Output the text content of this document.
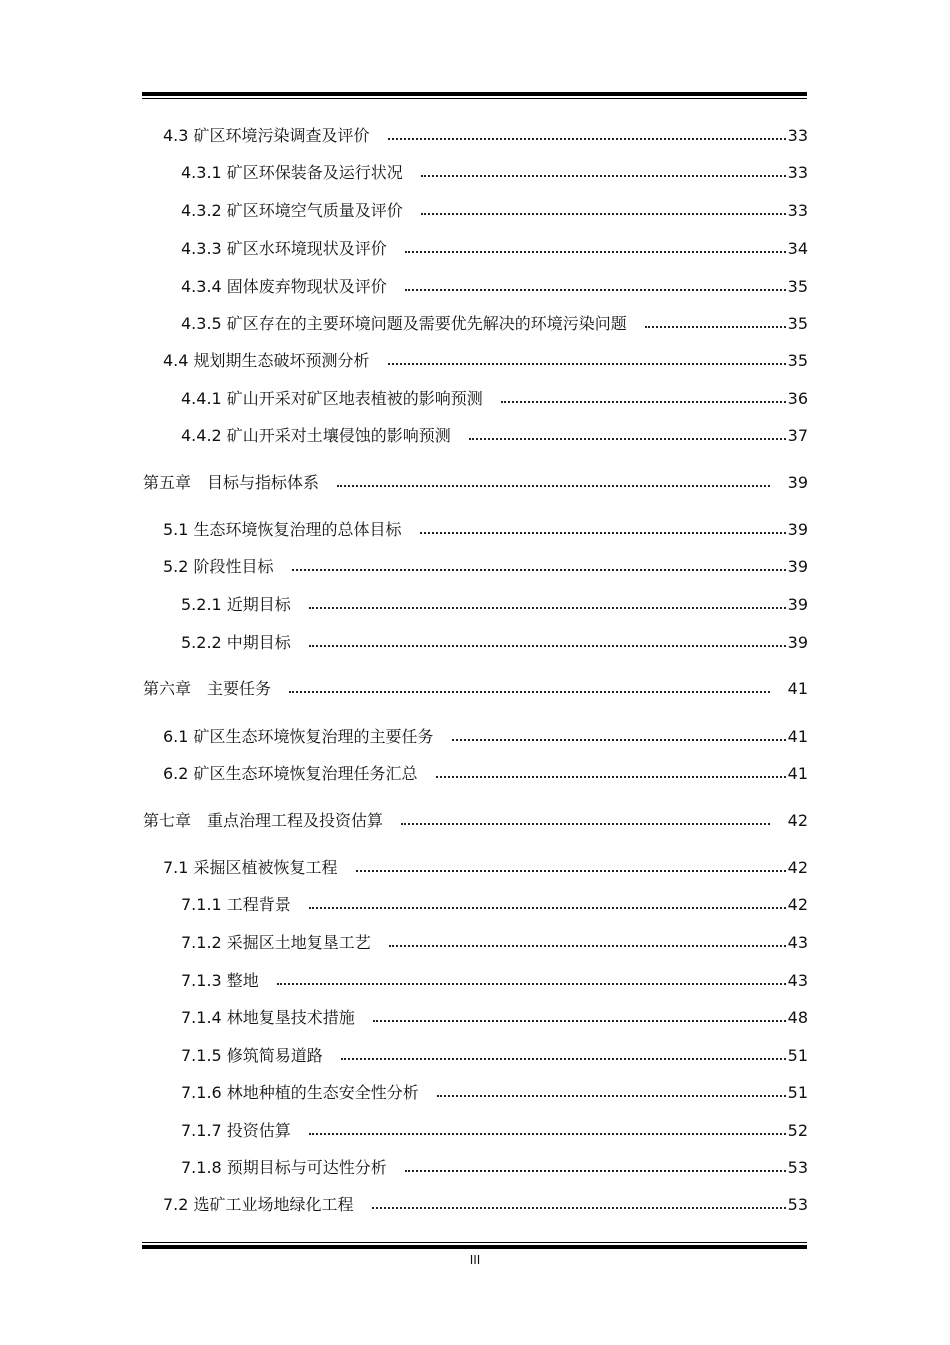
4.3 矿区环境污染调查及评价	33
4.3.1 矿区环保装备及运行状况	33
4.3.2 矿区环境空气质量及评价	33
4.3.3 矿区水环境现状及评价	34
4.3.4 固体废弃物现状及评价	35
4.3.5 矿区存在的主要环境问题及需要优先解决的环境污染问题	35
4.4 规划期生态破坏预测分析	35
4.4.1 矿山开采对矿区地表植被的影响预测	36
4.4.2 矿山开采对土壤侵蚀的影响预测	37
第五章　目标与指标体系	39
5.1 生态环境恢复治理的总体目标	39
5.2 阶段性目标	39
5.2.1 近期目标	39
5.2.2 中期目标	39
第六章　主要任务	41
6.1 矿区生态环境恢复治理的主要任务	41
6.2 矿区生态环境恢复治理任务汇总	41
第七章　重点治理工程及投资估算	42
7.1 采掘区植被恢复工程	42
7.1.1 工程背景	42
7.1.2 采掘区土地复垦工艺	43
7.1.3 整地	43
7.1.4 林地复垦技术措施	48
7.1.5 修筑简易道路	51
7.1.6 林地种植的生态安全性分析	51
7.1.7 投资估算	52
7.1.8 预期目标与可达性分析	53
7.2 选矿工业场地绿化工程	53
III
